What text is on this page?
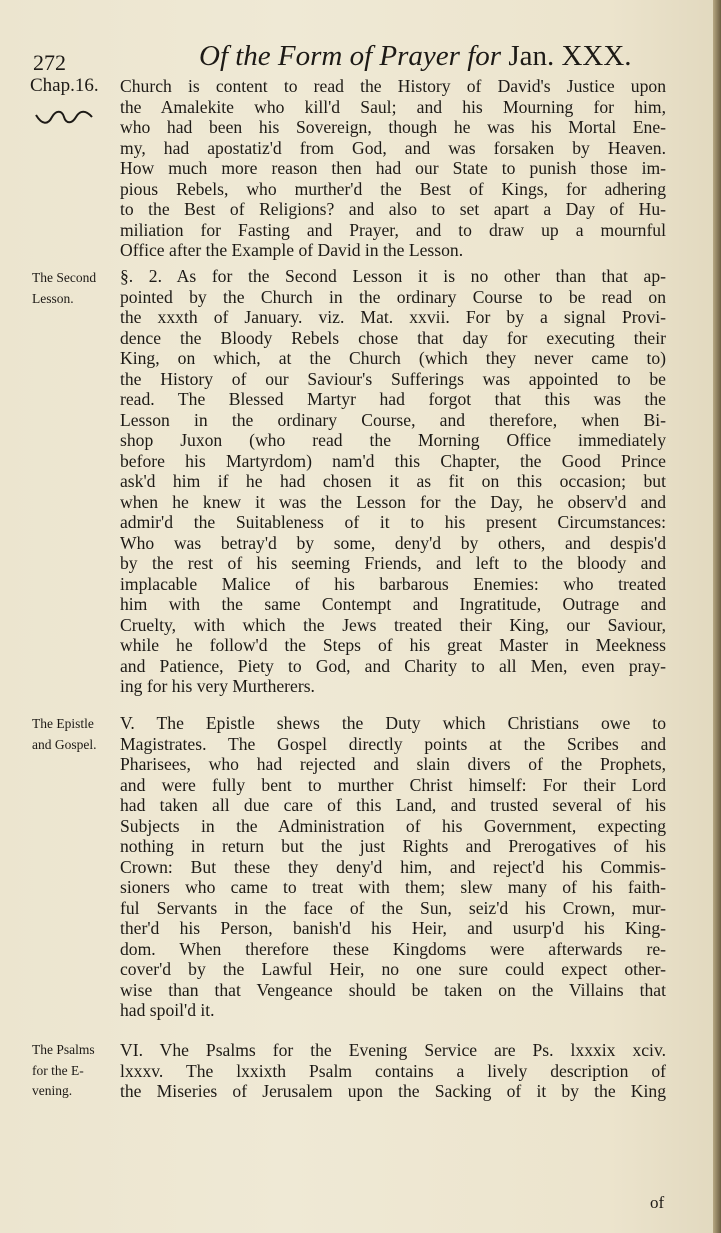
272	Of the Form of Prayer for Jan. XXX.
Chap.16.
The Second
Lesson.
The Epistle
and Gospel.
The Psalms
for the E-
vening.
Church is content to read the History of David's Justice upon
the Amalekite who kill'd Saul; and his Mourning for him,
who had been his Sovereign, though he was his Mortal Ene-
my, had apostatiz'd from God, and was forsaken by Heaven.
How much more reason then had our State to punish those im-
pious Rebels, who murther'd the Best of Kings, for adhering
to the Best of Religions? and also to set apart a Day of Hu-
miliation for Fasting and Prayer, and to draw up a mournful
Office after the Example of David in the Lesson.
§. 2. As for the Second Lesson it is no other than that ap-
pointed by the Church in the ordinary Course to be read on
the xxxth of January. viz. Mat. xxvii. For by a signal Provi-
dence the Bloody Rebels chose that day for executing their
King, on which, at the Church (which they never came to)
the History of our Saviour's Sufferings was appointed to be
read. The Blessed Martyr had forgot that this was the
Lesson in the ordinary Course, and therefore, when Bi-
shop Juxon (who read the Morning Office immediately
before his Martyrdom) nam'd this Chapter, the Good Prince
ask'd him if he had chosen it as fit on this occasion; but
when he knew it was the Lesson for the Day, he observ'd and
admir'd the Suitableness of it to his present Circumstances:
Who was betray'd by some, deny'd by others, and despis'd
by the rest of his seeming Friends, and left to the bloody and
implacable Malice of his barbarous Enemies: who treated
him with the same Contempt and Ingratitude, Outrage and
Cruelty, with which the Jews treated their King, our Saviour,
while he follow'd the Steps of his great Master in Meekness
and Patience, Piety to God, and Charity to all Men, even pray-
ing for his very Murtherers.
V. The Epistle shews the Duty which Christians owe to
Magistrates. The Gospel directly points at the Scribes and
Pharisees, who had rejected and slain divers of the Prophets,
and were fully bent to murther Christ himself: For their Lord
had taken all due care of this Land, and trusted several of his
Subjects in the Administration of his Government, expecting
nothing in return but the just Rights and Prerogatives of his
Crown: But these they deny'd him, and reject'd his Commis-
sioners who came to treat with them; slew many of his faith-
ful Servants in the face of the Sun, seiz'd his Crown, mur-
ther'd his Person, banish'd his Heir, and usurp'd his King-
dom. When therefore these Kingdoms were afterwards re-
cover'd by the Lawful Heir, no one sure could expect other-
wise than that Vengeance should be taken on the Villains that
had spoil'd it.
VI. Vhe Psalms for the Evening Service are Ps. lxxxix xciv.
lxxxv. The lxxixth Psalm contains a lively description of
the Miseries of Jerusalem upon the Sacking of it by the King
of
